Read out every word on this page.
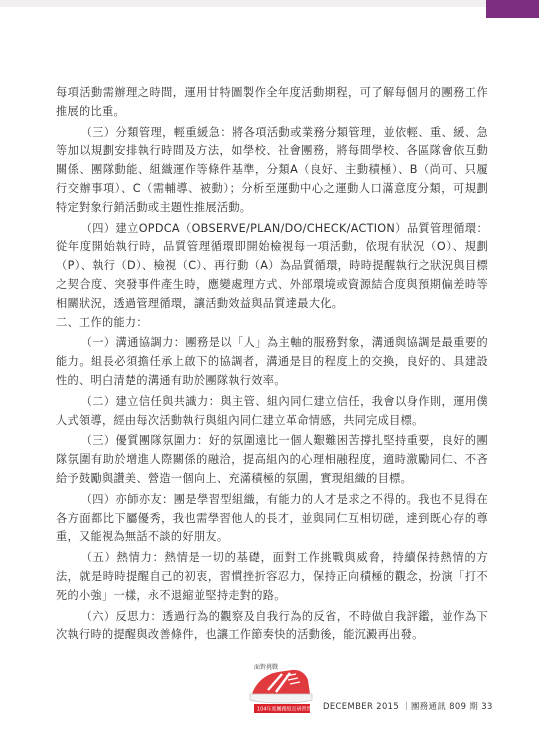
每項活動需辦理之時間，運用甘特圖製作全年度活動期程，可了解每個月的團務工作推展的比重。

（三）分類管理，輕重緩急：將各項活動或業務分類管理，並依輕、重、緩、急等加以規劃安排執行時間及方法，如學校、社會團務，將每間學校、各區隊會依互動關係、團隊動能、組織運作等條件基準，分類A（良好、主動積極）、B（尚可、只履行交辦事項）、C（需輔導、被動）；分析至運動中心之運動人口滿意度分類，可規劃特定對象行銷活動或主題性推展活動。

（四）建立OPDCA（OBSERVE/PLAN/DO/CHECK/ACTION）品質管理循環：從年度開始執行時，品質管理循環即開始檢視每一項活動，依現有狀況（O）、規劃（P）、執行（D）、檢視（C）、再行動（A）為品質循環，時時提醒執行之狀況與目標之契合度、突發事件產生時，應變處理方式、外部環境或資源結合度與預期偏差時等相關狀況，透過管理循環，讓活動效益與品質達最大化。

二、工作的能力：

（一）溝通協調力：團務是以「人」為主軸的服務對象，溝通與協調是最重要的能力。組長必須擔任承上啟下的協調者，溝通是目的程度上的交換，良好的、具建設性的、明白清楚的溝通有助於團隊執行效率。

（二）建立信任與共識力：與主管、組內同仁建立信任，我會以身作則，運用僕人式領導，經由每次活動執行與組內同仁建立革命情感，共同完成目標。

（三）優質團隊氛圍力：好的氛圍遠比一個人艱難困苦撐扎堅持重要，良好的團隊氛圍有助於增進人際關係的融洽，提高組內的心理相融程度，適時激勵同仁、不吝給予鼓勵與讚美、營造一個向上、充滿積極的氛圍，實現組織的目標。

（四）亦師亦友：團是學習型組織，有能力的人才是求之不得的。我也不見得在各方面都比下屬優秀，我也需學習他人的長才，並與同仁互相切磋，達到既心存的尊重，又能視為無話不談的好朋友。

（五）熱情力：熱情是一切的基礎，面對工作挑戰與威脅，持續保持熱情的方法，就是時時提醒自己的初衷，習慣挫折容忍力，保持正向積極的觀念，扮演「打不死的小強」一樣，永不退縮並堅持走對的路。

（六）反思力：透過行為的觀察及自我行為的反省，不時做自我評鑑，並作為下次執行時的提醒與改善條件，也讓工作節奏快的活動後，能沉澱再出發。

面對挑戰
104年度團務組長研習營 DECEMBER 2015 ｜團務通訊 809 期 33
